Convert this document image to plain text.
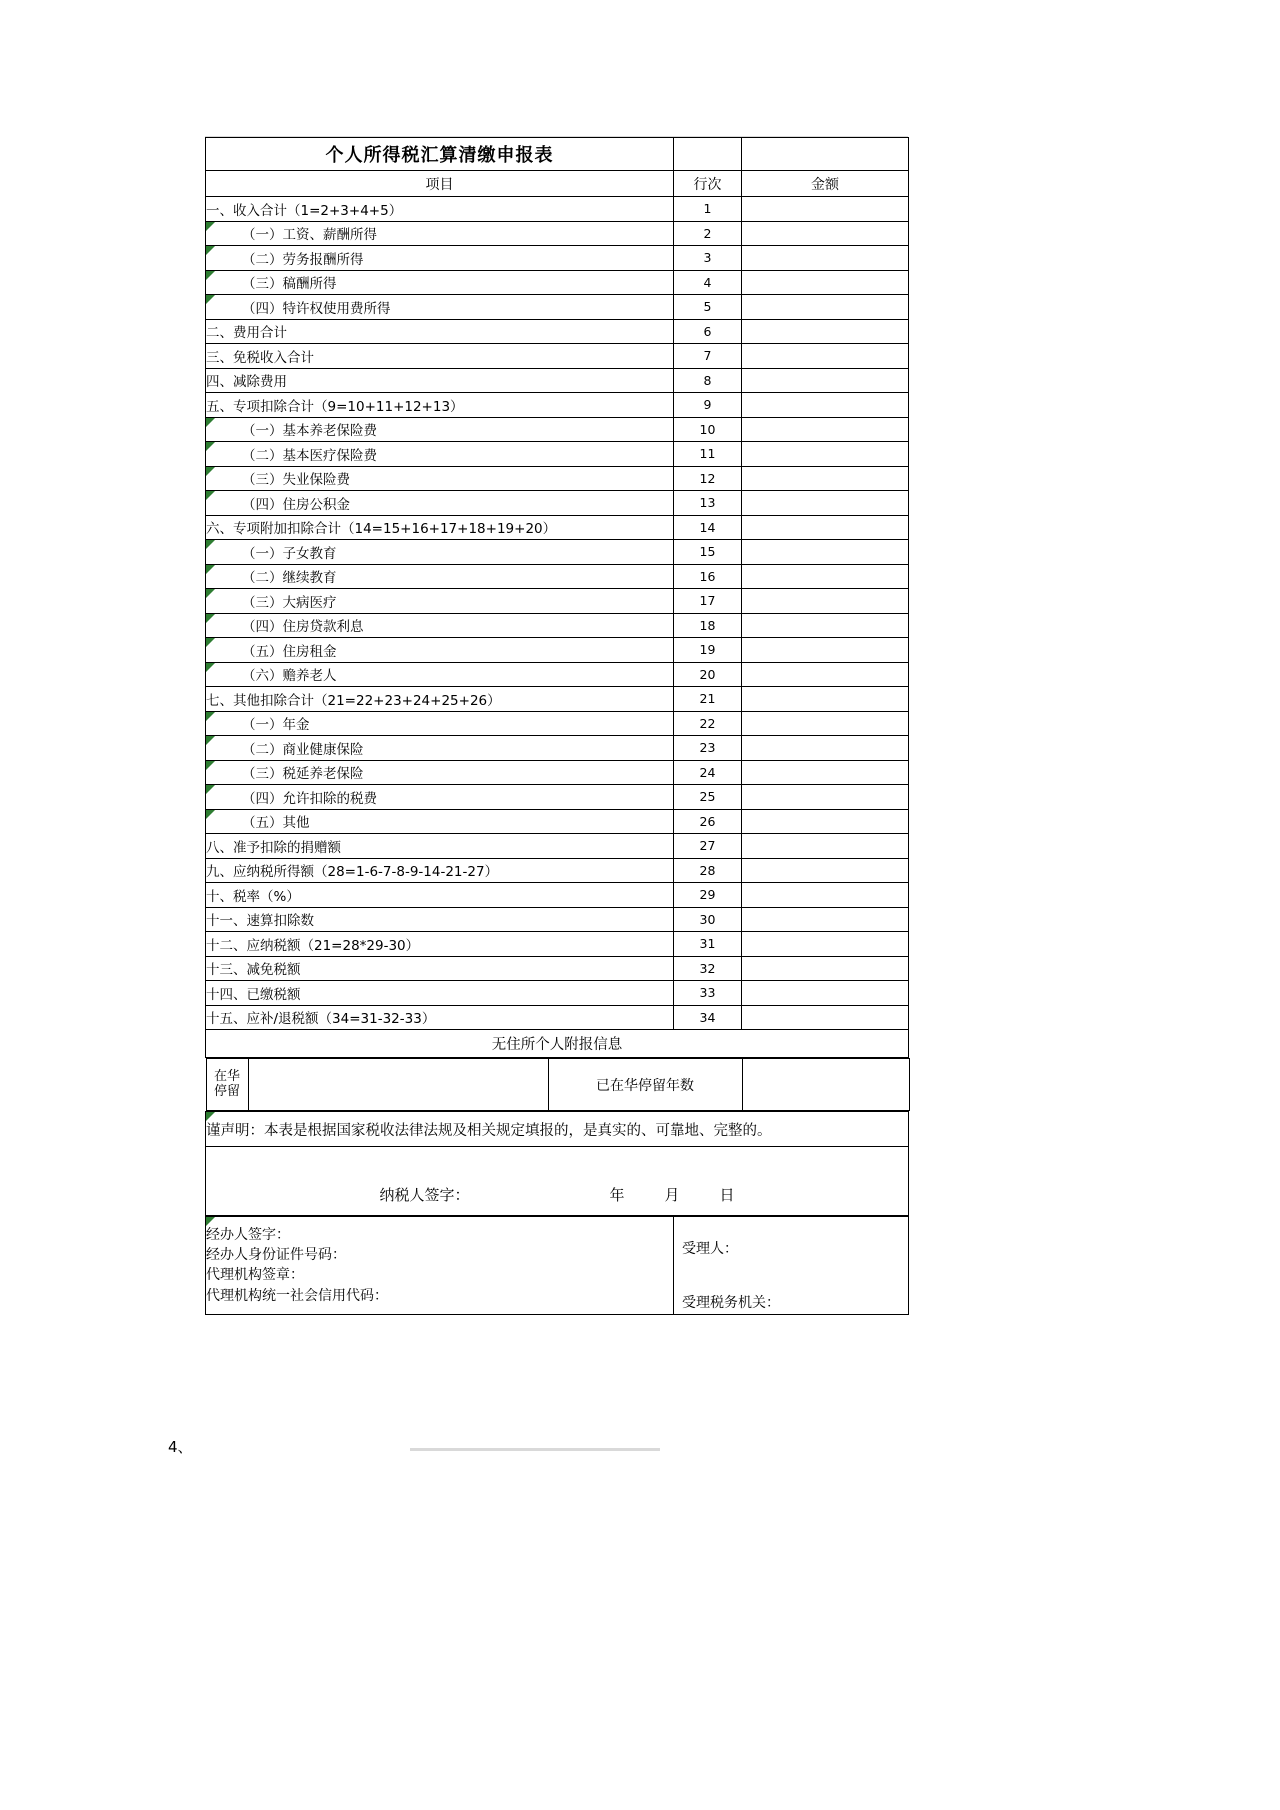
个人所得税汇算清缴申报表		
项目	行次	金额
一、收入合计（1=2+3+4+5）	1	

（一）工资、薪酬所得	2	

（二）劳务报酬所得	3	

（三）稿酬所得	4	

（四）特许权使用费所得	5	
二、费用合计	6	
三、免税收入合计	7	
四、减除费用	8	
五、专项扣除合计（9=10+11+12+13）	9	

（一）基本养老保险费	10	

（二）基本医疗保险费	11	

（三）失业保险费	12	

（四）住房公积金	13	
六、专项附加扣除合计（14=15+16+17+18+19+20）	14	

（一）子女教育	15	

（二）继续教育	16	

（三）大病医疗	17	

（四）住房贷款利息	18	

（五）住房租金	19	

（六）赡养老人	20	
七、其他扣除合计（21=22+23+24+25+26）	21	

（一）年金	22	

（二）商业健康保险	23	

（三）税延养老保险	24	

（四）允许扣除的税费	25	

（五）其他	26	
八、准予扣除的捐赠额	27	
九、应纳税所得额（28=1-6-7-8-9-14-21-27）	28	
十、税率（%）	29	
十一、速算扣除数	30	
十二、应纳税额（21=28*29-30）	31	
十三、减免税额	32	
十四、已缴税额	33	
十五、应补/退税额（34=31-32-33）	34	
无住所个人附报信息

在华
停留		已在华停留年数	

谨声明：本表是根据国家税收法律法规及相关规定填报的，是真实的、可靠地、完整的。

纳税人签字：	年	月	日

经办人签字：
经办人身份证件号码：
代理机构签章：
代理机构统一社会信用代码：

受理人：
受理税务机关：
4、
